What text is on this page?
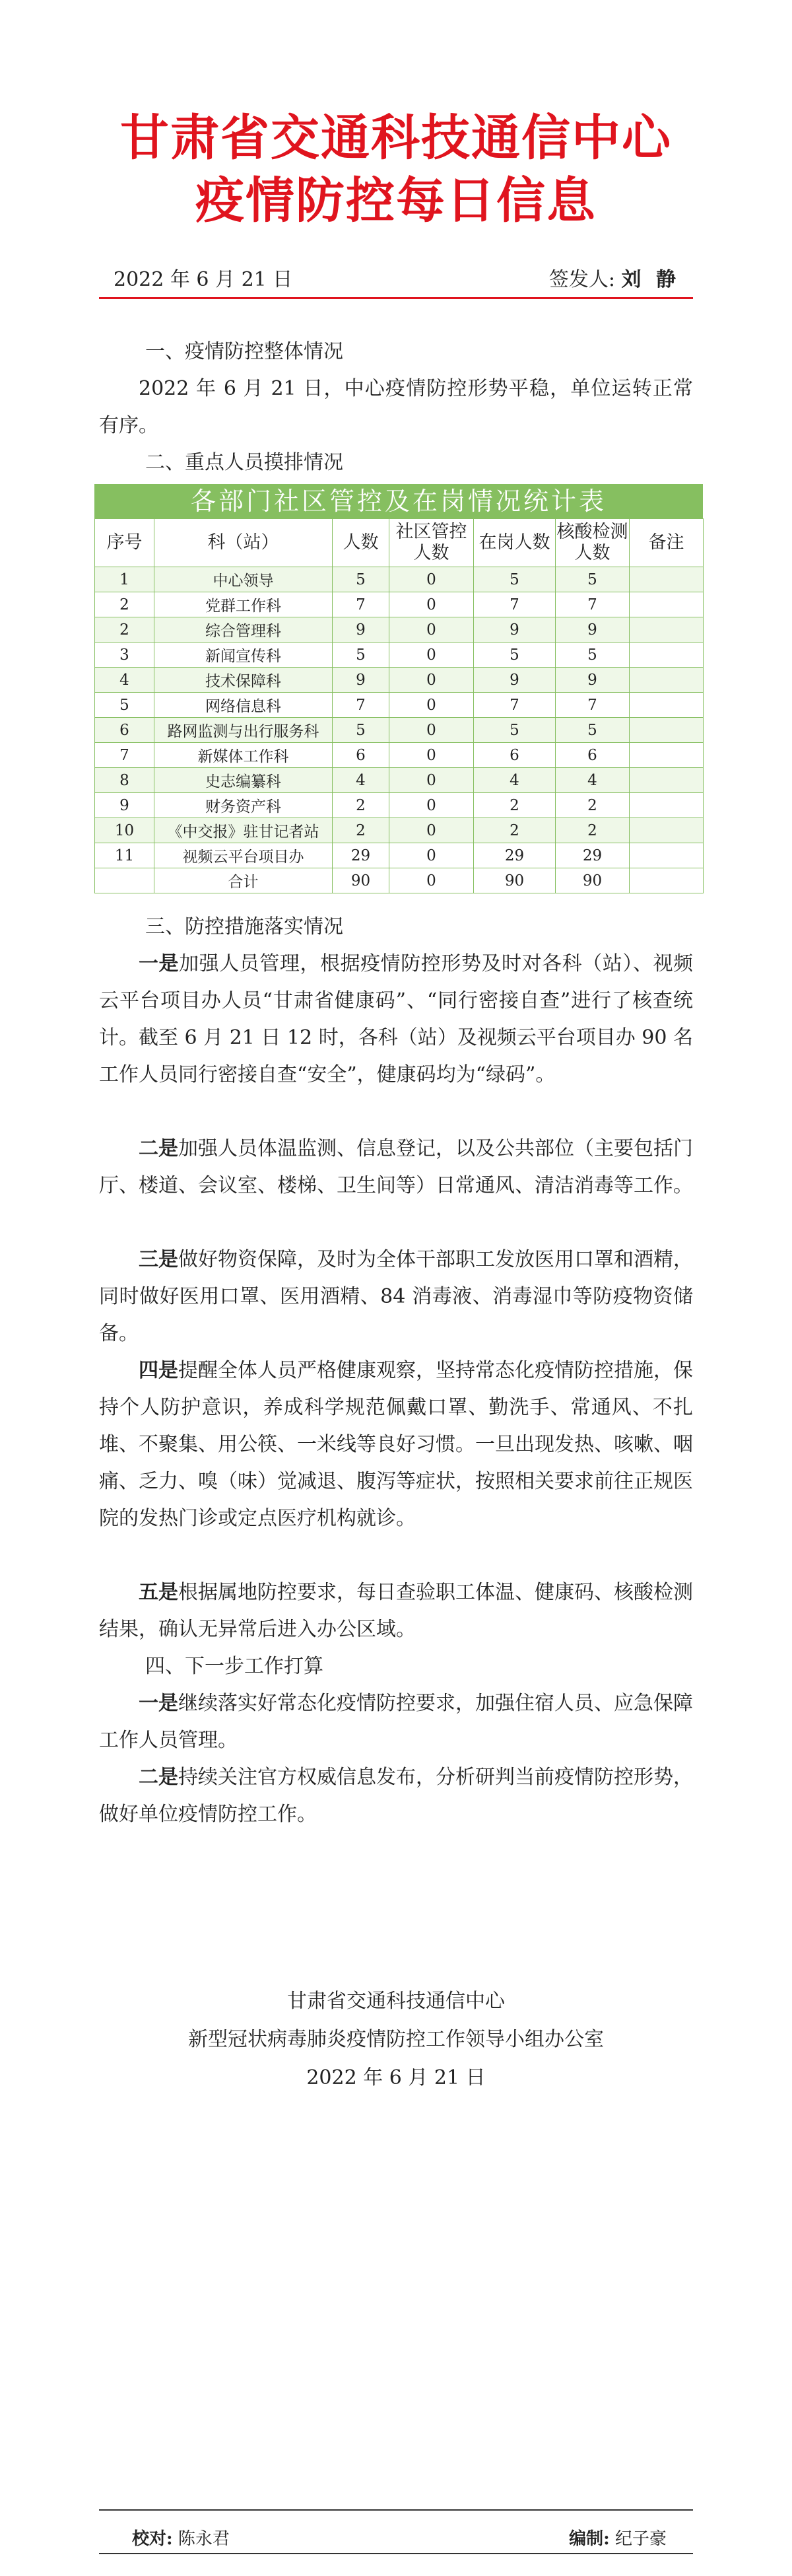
甘肃省交通科技通信中心
疫情防控每日信息
2022 年 6 月 21 日	签发人: 刘 静
一、疫情防控整体情况
2022 年 6 月 21 日，中心疫情防控形势平稳，单位运转正常有序。
二、重点人员摸排情况
各部门社区管控及在岗情况统计表
序号	科（站）	人数	社区管控人数	在岗人数	核酸检测人数	备注
1	中心领导	5	0	5	5	
2	党群工作科	7	0	7	7	
2	综合管理科	9	0	9	9	
3	新闻宣传科	5	0	5	5	
4	技术保障科	9	0	9	9	
5	网络信息科	7	0	7	7	
6	路网监测与出行服务科	5	0	5	5	
7	新媒体工作科	6	0	6	6	
8	史志编纂科	4	0	4	4	
9	财务资产科	2	0	2	2	
10	《中交报》驻甘记者站	2	0	2	2	
11	视频云平台项目办	29	0	29	29	
	合计	90	0	90	90	
三、防控措施落实情况
一是加强人员管理，根据疫情防控形势及时对各科（站）、视频云平台项目办人员“甘肃省健康码”、“同行密接自查”进行了核查统计。截至 6 月 21 日 12 时，各科（站）及视频云平台项目办 90 名工作人员同行密接自查“安全”，健康码均为“绿码”。
二是加强人员体温监测、信息登记，以及公共部位（主要包括门厅、楼道、会议室、楼梯、卫生间等）日常通风、清洁消毒等工作。
三是做好物资保障，及时为全体干部职工发放医用口罩和酒精，同时做好医用口罩、医用酒精、84 消毒液、消毒湿巾等防疫物资储备。
四是提醒全体人员严格健康观察，坚持常态化疫情防控措施，保持个人防护意识，养成科学规范佩戴口罩、勤洗手、常通风、不扎堆、不聚集、用公筷、一米线等良好习惯。一旦出现发热、咳嗽、咽痛、乏力、嗅（味）觉减退、腹泻等症状，按照相关要求前往正规医院的发热门诊或定点医疗机构就诊。
五是根据属地防控要求，每日查验职工体温、健康码、核酸检测结果，确认无异常后进入办公区域。
四、下一步工作打算
一是继续落实好常态化疫情防控要求，加强住宿人员、应急保障工作人员管理。
二是持续关注官方权威信息发布，分析研判当前疫情防控形势，做好单位疫情防控工作。
甘肃省交通科技通信中心
新型冠状病毒肺炎疫情防控工作领导小组办公室
2022 年 6 月 21 日
校对: 陈永君	编制: 纪子豪
